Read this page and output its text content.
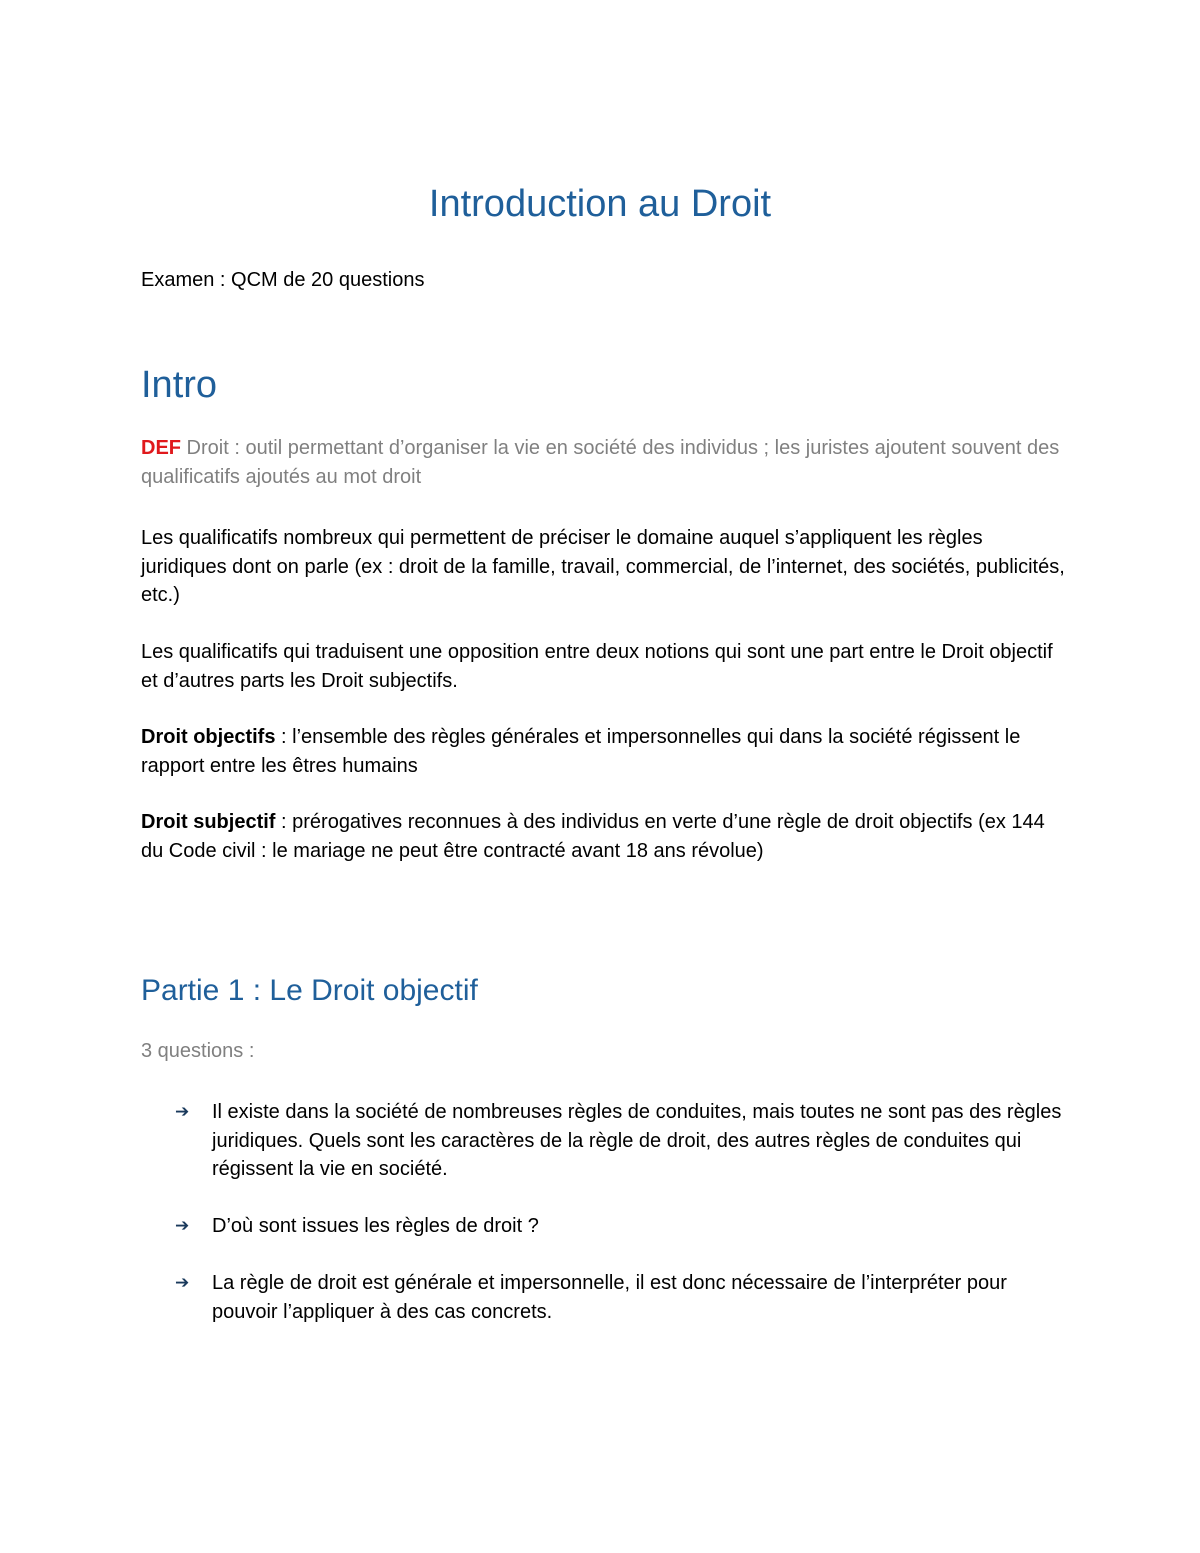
Introduction au Droit

Examen : QCM de 20 questions

Intro

DEF Droit : outil permettant d’organiser la vie en société des individus ; les juristes ajoutent souvent des qualificatifs ajoutés au mot droit

Les qualificatifs nombreux qui permettent de préciser le domaine auquel s’appliquent les règles juridiques dont on parle (ex : droit de la famille, travail, commercial, de l’internet, des sociétés, publicités, etc.)

Les qualificatifs qui traduisent une opposition entre deux notions qui sont une part entre le Droit objectif et d’autres parts les Droit subjectifs.

Droit objectifs : l’ensemble des règles générales et impersonnelles qui dans la société régissent le rapport entre les êtres humains

Droit subjectif : prérogatives reconnues à des individus en verte d’une règle de droit objectifs (ex 144 du Code civil : le mariage ne peut être contracté avant 18 ans révolue)

Partie 1 : Le Droit objectif

3 questions :

➔ Il existe dans la société de nombreuses règles de conduites, mais toutes ne sont pas des règles juridiques. Quels sont les caractères de la règle de droit, des autres règles de conduites qui régissent la vie en société.
➔ D’où sont issues les règles de droit ?
➔ La règle de droit est générale et impersonnelle, il est donc nécessaire de l’interpréter pour pouvoir l’appliquer à des cas concrets.
